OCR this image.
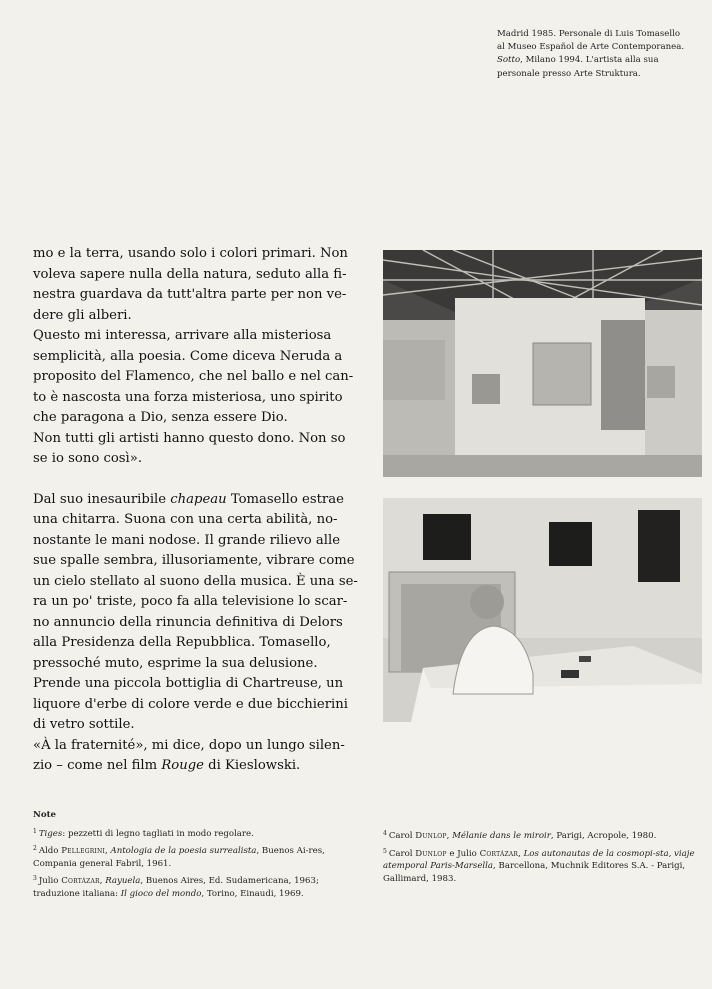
Madrid 1985. Personale di Luis Tomasello

al Museo Español de Arte Contemporanea.

Sotto, Milano 1994. L'artista alla sua

personale presso Arte Struktura.

mo e la terra, usando solo i colori primari. Non

voleva sapere nulla della natura, seduto alla fi-

nestra guardava da tutt'altra parte per non ve-

dere gli alberi.

Questo mi interessa, arrivare alla misteriosa

semplicità, alla poesia. Come diceva Neruda a

proposito del Flamenco, che nel ballo e nel can-

to è nascosta una forza misteriosa, uno spirito

che paragona a Dio, senza essere Dio.

Non tutti gli artisti hanno questo dono. Non so

se io sono così».

Dal suo inesauribile chapeau Tomasello estrae

una chitarra. Suona con una certa abilità, no-

nostante le mani nodose. Il grande rilievo alle

sue spalle sembra, illusoriamente, vibrare come

un cielo stellato al suono della musica. È una se-

ra un po' triste, poco fa alla televisione lo scar-

no annuncio della rinuncia definitiva di Delors

alla Presidenza della Repubblica. Tomasello,

pressoché muto, esprime la sua delusione.

Prende una piccola bottiglia di Chartreuse, un

liquore d'erbe di colore verde e due bicchierini

di vetro sottile.

«À la fraternité», mi dice, dopo un lungo silen-

zio – come nel film Rouge di Kieslowski.

Note

$^1$ Tiges: pezzetti di legno tagliati in modo regolare.

$^2$ Aldo Pellegrini, Antologia de la poesia surrealista, Buenos Ai-res, Compania general Fabril, 1961.

$^3$ Julio Cortázar, Rayuela, Buenos Aires, Ed. Sudamericana, 1963; traduzione italiana: Il gioco del mondo, Torino, Einaudi, 1969.

$^4$ Carol Dunlop, Mélanie dans le miroir, Parigi, Acropole, 1980.

$^5$ Carol Dunlop e Julio Cortázar, Los autonautas de la cosmopi-sta, viaje atemporal Paris-Marsella, Barcellona, Muchnik Editores S.A. - Parigi, Gallimard, 1983.
